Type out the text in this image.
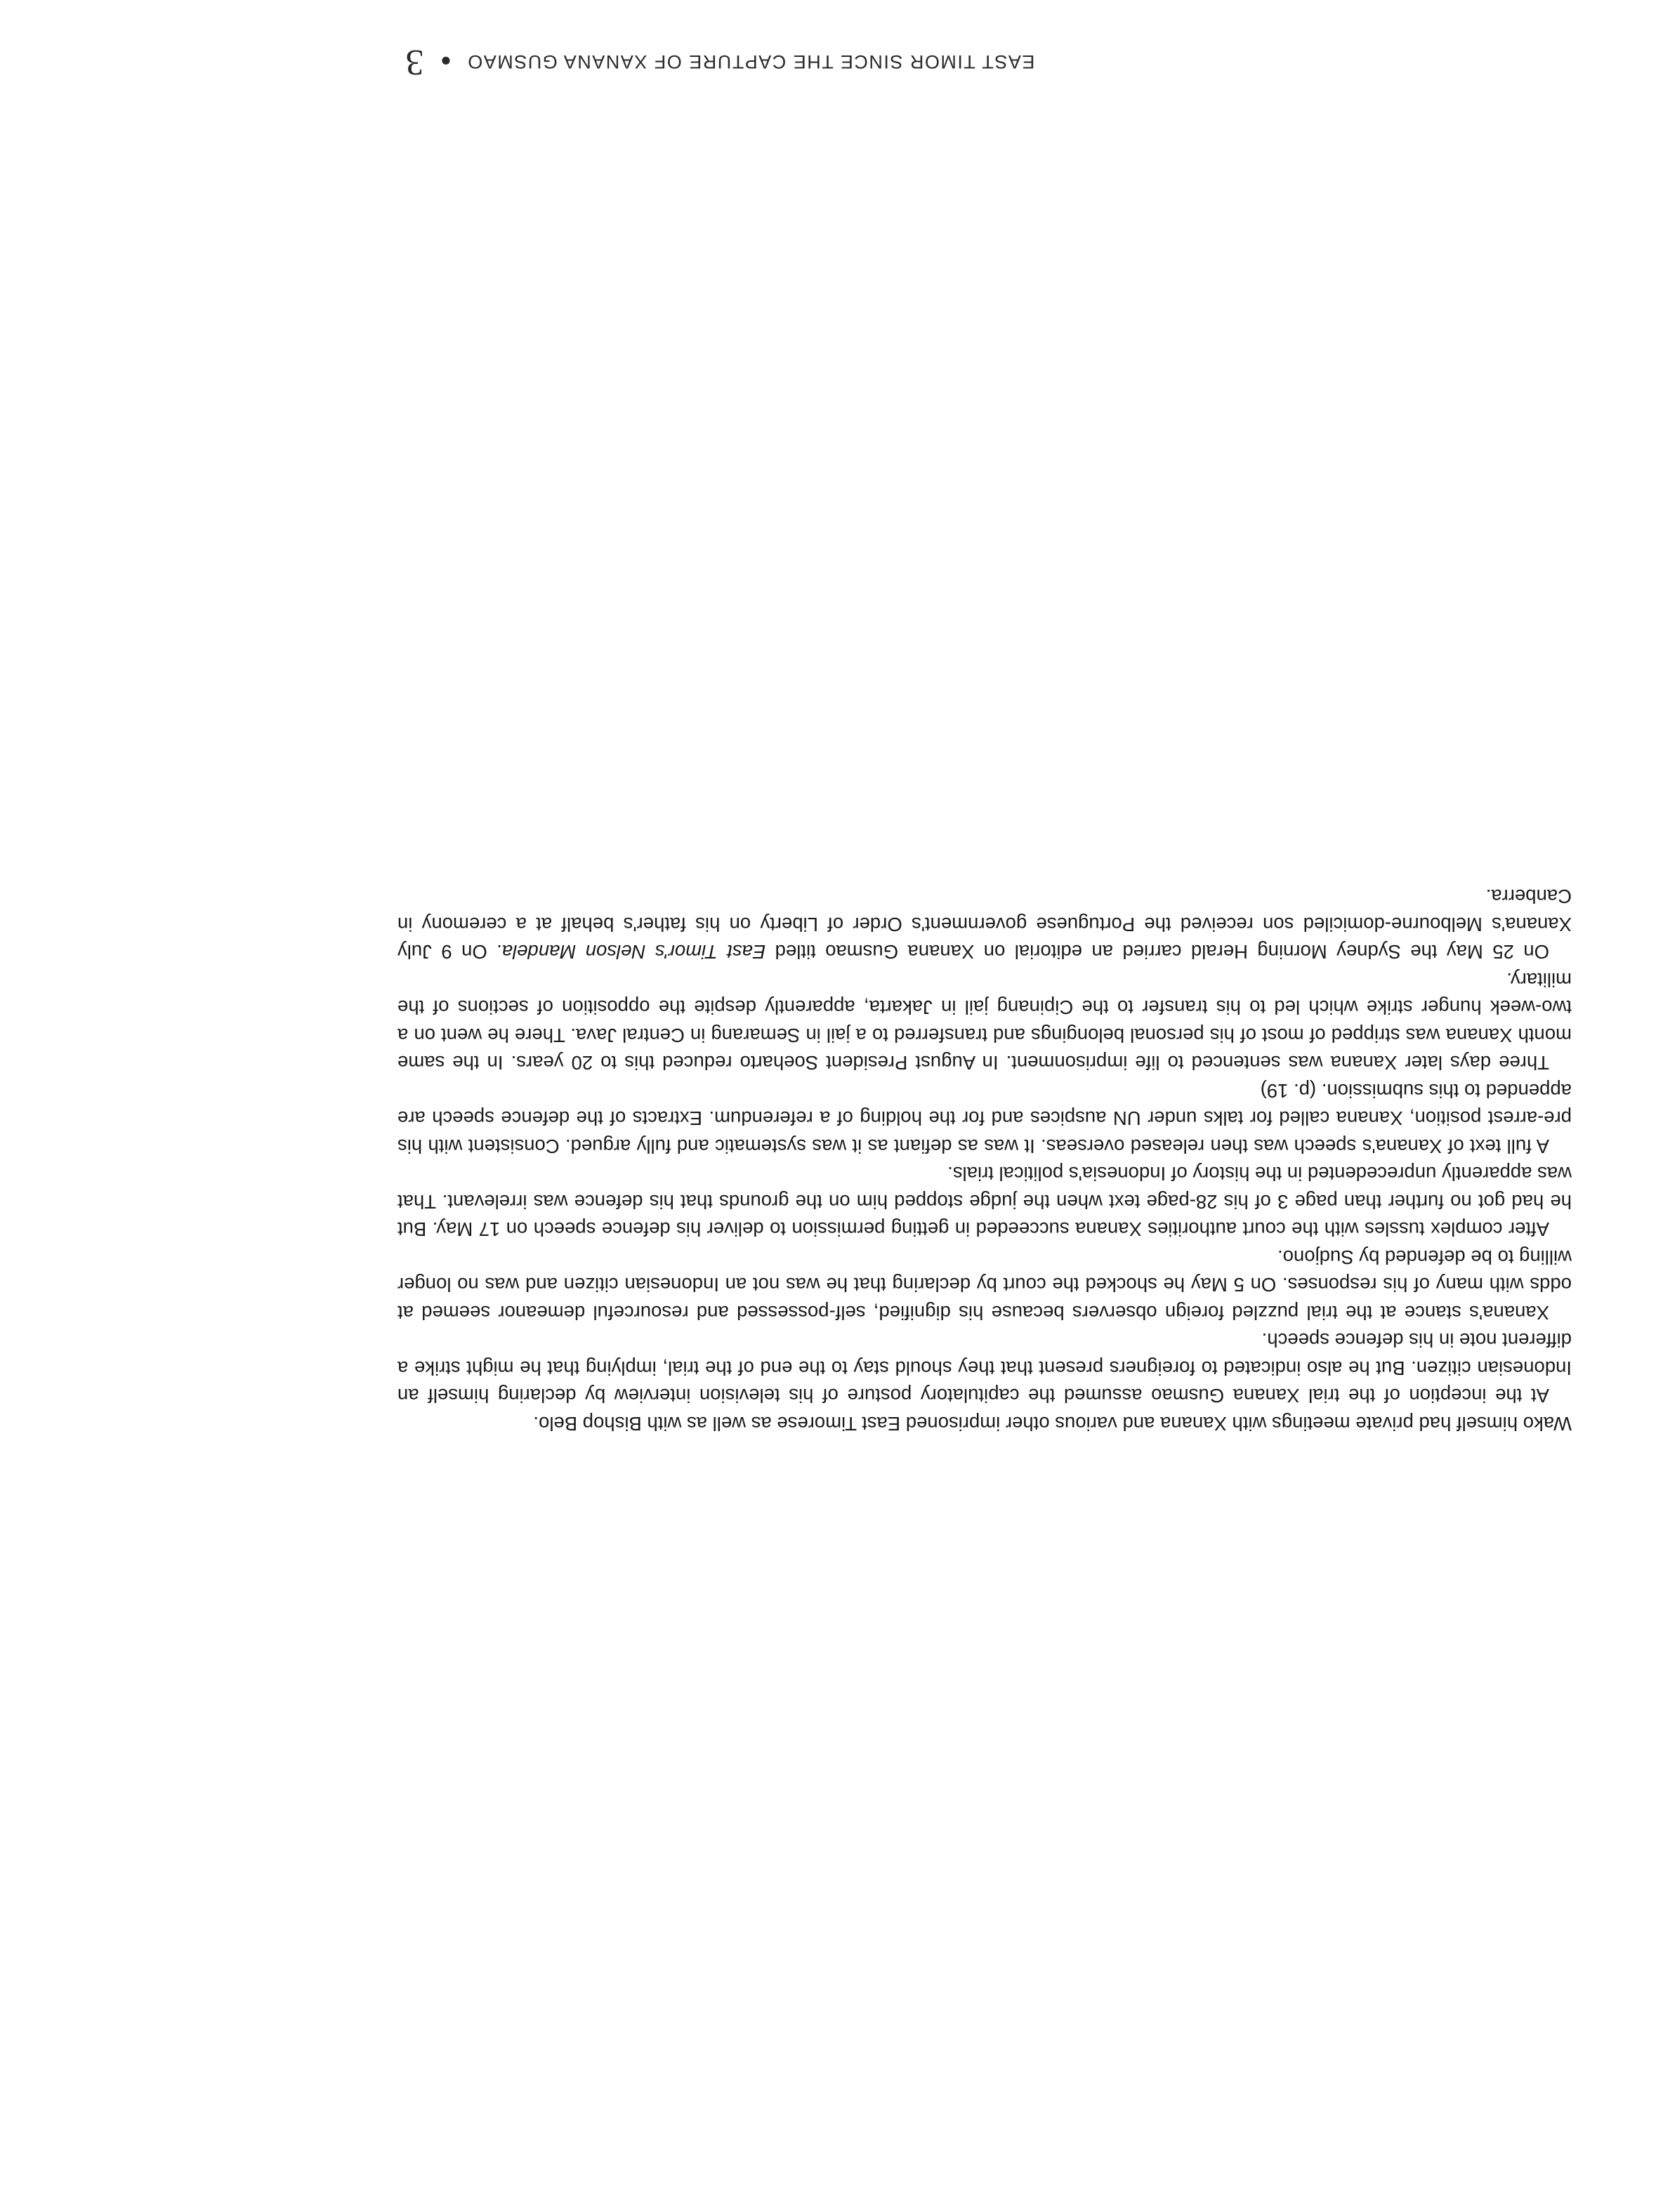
EAST TIMOR SINCE THE CAPTURE OF XANANA GUSMAO
●
3

Wako himself had private meetings with Xanana and various other imprisoned East Timorese as well as with Bishop Belo.

At the inception of the trial Xanana Gusmao assumed the capitulatory posture of his television interview by declaring himself an Indonesian citizen. But he also indicated to foreigners present that they should stay to the end of the trial, implying that he might strike a different note in his defence speech.

Xanana's stance at the trial puzzled foreign observers because his dignified, self-possessed and resourceful demeanor seemed at odds with many of his responses. On 5 May he shocked the court by declaring that he was not an Indonesian citizen and was no longer willing to be defended by Sudjono.

After complex tussles with the court authorities Xanana succeeded in getting permission to deliver his defence speech on 17 May. But he had got no further than page 3 of his 28-page text when the judge stopped him on the grounds that his defence was irrelevant. That was apparently unprecedented in the history of Indonesia's political trials.

A full text of Xanana's speech was then released overseas. It was as defiant as it was systematic and fully argued. Consistent with his pre-arrest position, Xanana called for talks under UN auspices and for the holding of a referendum. Extracts of the defence speech are appended to this submission. (p. 19)

Three days later Xanana was sentenced to life imprisonment. In August President Soeharto reduced this to 20 years. In the same month Xanana was stripped of most of his personal belongings and transferred to a jail in Semarang in Central Java. There he went on a two-week hunger strike which led to his transfer to the Cipinang jail in Jakarta, apparently despite the opposition of sections of the military.

On 25 May the Sydney Morning Herald carried an editorial on Xanana Gusmao titled East Timor's Nelson Mandela. On 9 July Xanana's Melbourne-domiciled son received the Portuguese government's Order of Liberty on his father's behalf at a ceremony in Canberra.
